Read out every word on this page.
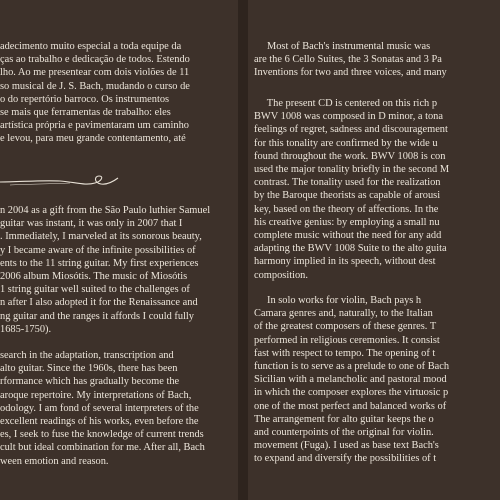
adecimento muito especial a toda equipe da
ças ao trabalho e dedicação de todos. Estendo
lho. Ao me presentear com dois violões de 11
so musical de J. S. Bach, mudando o curso de
o do repertório barroco. Os instrumentos
se mais que ferramentas de trabalho: eles
artística própria e pavimentaram um caminho
e levou, para meu grande contentamento, até

n 2004 as a gift from the São Paulo luthier Samuel
guitar was instant, it was only in 2007 that I
. Immediately, I marveled at its sonorous beauty,
y I became aware of the infinite possibilities of
ents to the 11 string guitar. My first experiences
2006 album Miosótis. The music of Miosótis
1 string guitar well suited to the challenges of
n after I also adopted it for the Renaissance and
ng guitar and the ranges it affords I could fully
1685-1750).

search in the adaptation, transcription and
alto guitar. Since the 1960s, there has been
rformance which has gradually become the
aroque repertoire. My interpretations of Bach,
odology. I am fond of several interpreters of the
excellent readings of his works, even before the
es, I seek to fuse the knowledge of current trends
cult but ideal combination for me. After all, Bach
ween emotion and reason.

Most of Bach's instrumental music was
are the 6 Cello Suites, the 3 Sonatas and 3 Pa
Inventions for two and three voices, and many

The present CD is centered on this rich p
BWV 1008 was composed in D minor, a tona
feelings of regret, sadness and discouragement
for this tonality are confirmed by the wide u
found throughout the work. BWV 1008 is con
used the major tonality briefly in the second M
contrast. The tonality used for the realization
by the Baroque theorists as capable of arousi
key, based on the theory of affections. In the
his creative genius: by employing a small nu
complete music without the need for any add
adapting the BWV 1008 Suite to the alto guita
harmony implied in its speech, without dest
composition.

In solo works for violin, Bach pays h
Camara genres and, naturally, to the Italian
of the greatest composers of these genres. T
performed in religious ceremonies. It consist
fast with respect to tempo. The opening of t
function is to serve as a prelude to one of Bach
Sicilian with a melancholic and pastoral mood
in which the composer explores the virtuosic p
one of the most perfect and balanced works of
The arrangement for alto guitar keeps the o
and counterpoints of the original for violin.
movement (Fuga). I used as base text Bach's
to expand and diversify the possibilities of t
